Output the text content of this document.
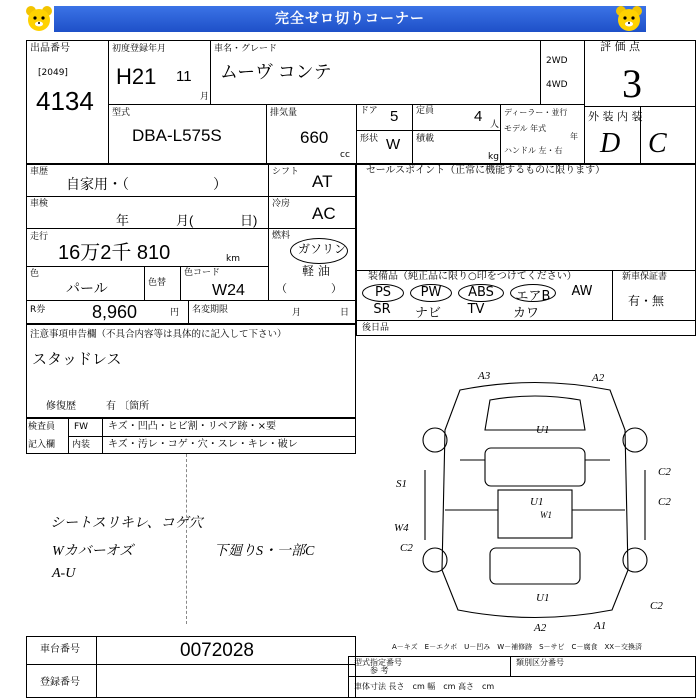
完全ゼロ切りコーナー
出品番号
[2049]
4134
初度登録年月
H21 11
月
車名・グレード
ムーヴ コンテ
2WD
4WD
評 価 点
3
外 装 内 装
D C
型式
DBA-L575S
排気量
660
cc
ドア 5 定員	4 人
形状 W 積載
kg
ディーラー・並行
モデル 年式
年
ハンドル 左・右
車歴
自家用・（　　　　　　）
シフト AT
車検
年	月(	日)
冷房 AC
走行
16万2千 810	km
燃料
ガソリン
軽 油
（　　　　）
色
パール	色替
色コード
W24
R券	8,960	円 名変期限	月	日
セールスポイント（正常に機能するものに限ります）
装備品（純正品に限り○印をつけてください）
PS	PW	ABS	エアB	AW
SR	ナビ	TV	カワ
新車保証書
有・無
後日品
注意事項申告欄（不具合内容等は具体的に記入して下さい）
スタッドレス
修復歴	有 〔箇所
検査員
記入欄
FW キズ・凹凸・ヒビ割・リペア跡・×要
内装 キズ・汚レ・コゲ・穴・スレ・キレ・破レ
シートスリキレ、コゲ穴
Wカバーオズ
A-U
下廻りS・一部C
A3	A2
U1
S1
C2
C2
U1
W1
W4
C2
U1
C2
A2	A1
A－キズ　E－エクボ　U－凹み　W－補修跡　S－サビ　C－腐食　XX－交換済
車台番号	0072028
登録番号
型式指定番号	類別区分番号
参 考
車体寸法 長さ　cm 幅　cm 高さ　cm
